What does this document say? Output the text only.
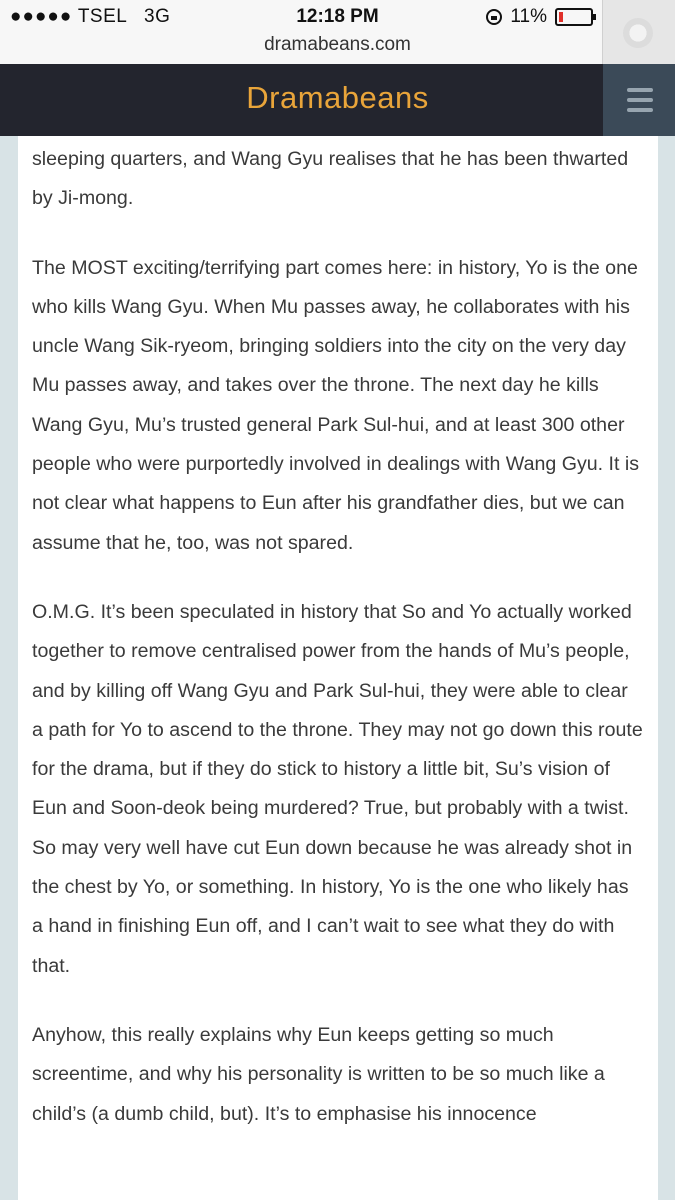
●●●●● TSEL 3G	12:18 PM	11%
dramabeans.com
Dramabeans

sleeping quarters, and Wang Gyu realises that he has been thwarted by Ji-mong.

The MOST exciting/terrifying part comes here: in history, Yo is the one who kills Wang Gyu. When Mu passes away, he collaborates with his uncle Wang Sik-ryeom, bringing soldiers into the city on the very day Mu passes away, and takes over the throne. The next day he kills Wang Gyu, Mu’s trusted general Park Sul-hui, and at least 300 other people who were purportedly involved in dealings with Wang Gyu. It is not clear what happens to Eun after his grandfather dies, but we can assume that he, too, was not spared.

O.M.G. It’s been speculated in history that So and Yo actually worked together to remove centralised power from the hands of Mu’s people, and by killing off Wang Gyu and Park Sul-hui, they were able to clear a path for Yo to ascend to the throne. They may not go down this route for the drama, but if they do stick to history a little bit, Su’s vision of Eun and Soon-deok being murdered? True, but probably with a twist. So may very well have cut Eun down because he was already shot in the chest by Yo, or something. In history, Yo is the one who likely has a hand in finishing Eun off, and I can’t wait to see what they do with that.

Anyhow, this really explains why Eun keeps getting so much screentime, and why his personality is written to be so much like a child’s (a dumb child, but). It’s to emphasise his innocence
